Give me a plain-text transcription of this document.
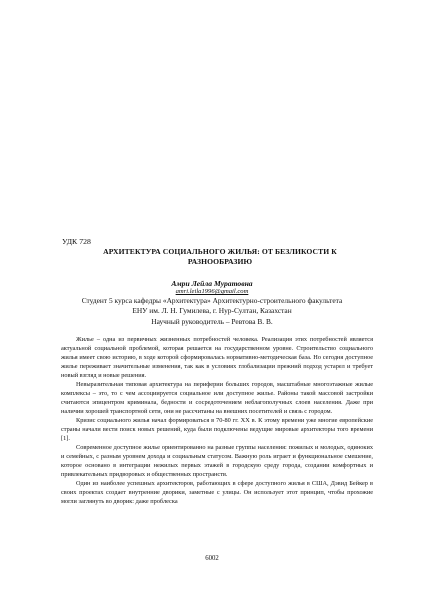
УДК 728
АРХИТЕКТУРА СОЦИАЛЬНОГО ЖИЛЬЯ: ОТ БЕЗЛИКОСТИ К
РАЗНООБРАЗИЮ
Амри Лейла Муратовна
amri.leila1996@gmail.com
Студент 5 курса кафедры «Архитектура» Архитектурно-строительного факультета
ЕНУ им. Л. Н. Гумилева, г. Нур-Султан, Казахстан
Научный руководитель – Ревтова В. В.

Жилье – одна из первичных жизненных потребностей человека. Реализация этих потребностей является актуальной социальной проблемой, которая решается на государственном уровне. Строительство социального жилья имеет свою историю, в ходе которой сформировалась нормативно-методическая база. Но сегодня доступное жилье переживает значительные изменения, так как в условиях глобализации прежний подход устарел и требует новый взгляд и новые решения.

Невыразительная типовая архитектура на периферии больших городов, масштабные многоэтажные жилые комплексы – это, то с чем ассоциируется социальное или доступное жилье. Районы такой массовой застройки считаются эпицентром криминала, бедности и сосредоточением неблагополучных слоев населения. Даже при наличии хорошей транспортной сети, они не рассчитаны на внешних посетителей и связь с городом.

Кризис социального жилья начал формироваться в 70-80 гг. ХХ в. К этому времени уже многие европейские страны начали вести поиск новых решений, куда были подключены ведущие мировые архитекторы того времени [1].

Современное доступное жилье ориентированно на разные группы населения: пожилых и молодых, одиноких и семейных, с разным уровнем дохода и социальным статусом. Важную роль играет и функциональное смешение, которое основано в интеграции нежилых первых этажей в городскую среду города, создании комфортных и привлекательных придворовых и общественных пространств.

Один из наиболее успешных архитекторов, работающих в сфере доступного жилья в США, Дэвид Бейкер в своих проектах создает внутренние дворики, заметные с улицы. Он использует этот принцип, чтобы прохожие могли заглянуть во дворик: даже проблеска

6002
